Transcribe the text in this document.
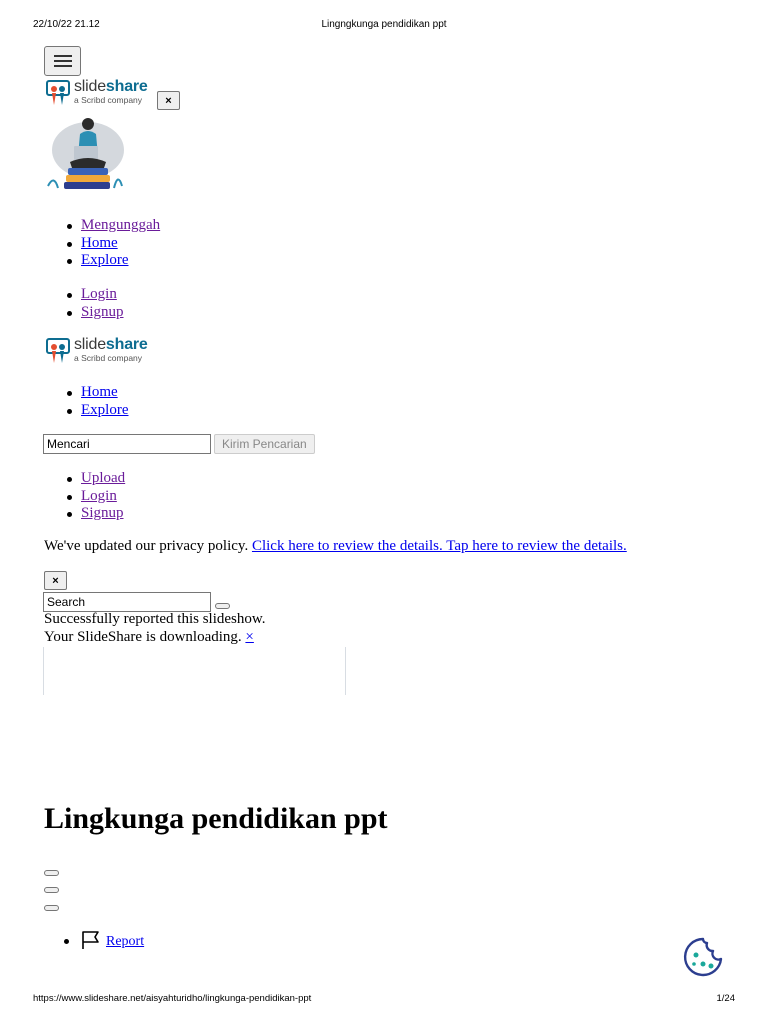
22/10/22 21.12	Lingngkunga pendidikan ppt
slideshare
a Scribd company	×
Mengunggah
Home
Explore
Login
Signup
slideshare
a Scribd company
Home
Explore
Mencari	Kirim Pencarian
Upload
Login
Signup
We've updated our privacy policy. Click here to review the details. Tap here to review the details.
×
Search
Successfully reported this slideshow.
Your SlideShare is downloading. ×
Lingkunga pendidikan ppt
Report
https://www.slideshare.net/aisyahturidho/lingkunga-pendidikan-ppt	1/24
